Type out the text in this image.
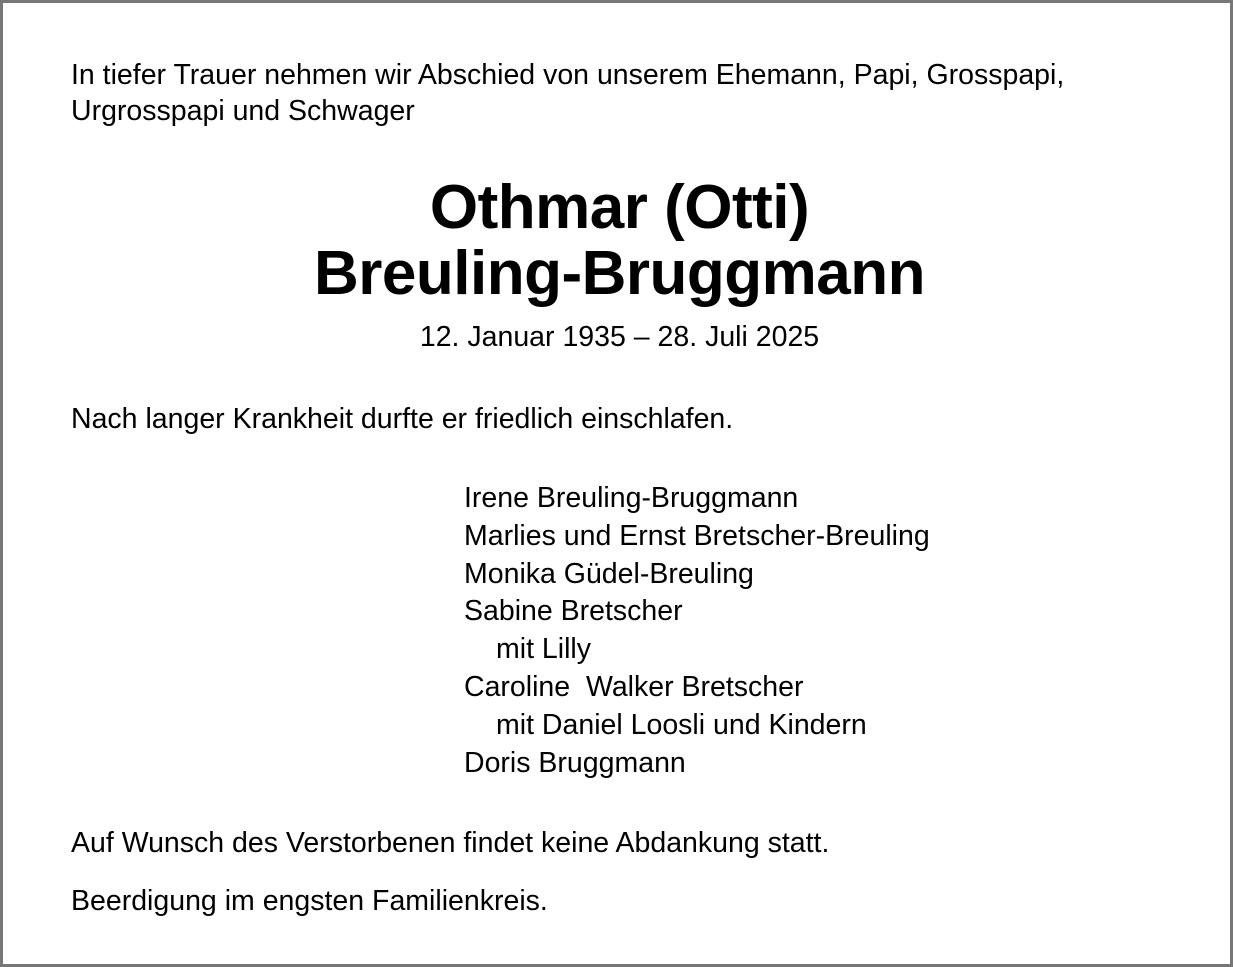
In tiefer Trauer nehmen wir Abschied von unserem Ehemann, Papi, Grosspapi,
Urgrosspapi und Schwager

Othmar (Otti)
Breuling-Bruggmann
12. Januar 1935 – 28. Juli 2025

Nach langer Krankheit durfte er friedlich einschlafen.

Irene Breuling-Bruggmann
Marlies und Ernst Bretscher-Breuling
Monika Güdel-Breuling
Sabine Bretscher
mit Lilly
Caroline  Walker Bretscher
mit Daniel Loosli und Kindern
Doris Bruggmann

Auf Wunsch des Verstorbenen findet keine Abdankung statt.

Beerdigung im engsten Familienkreis.
